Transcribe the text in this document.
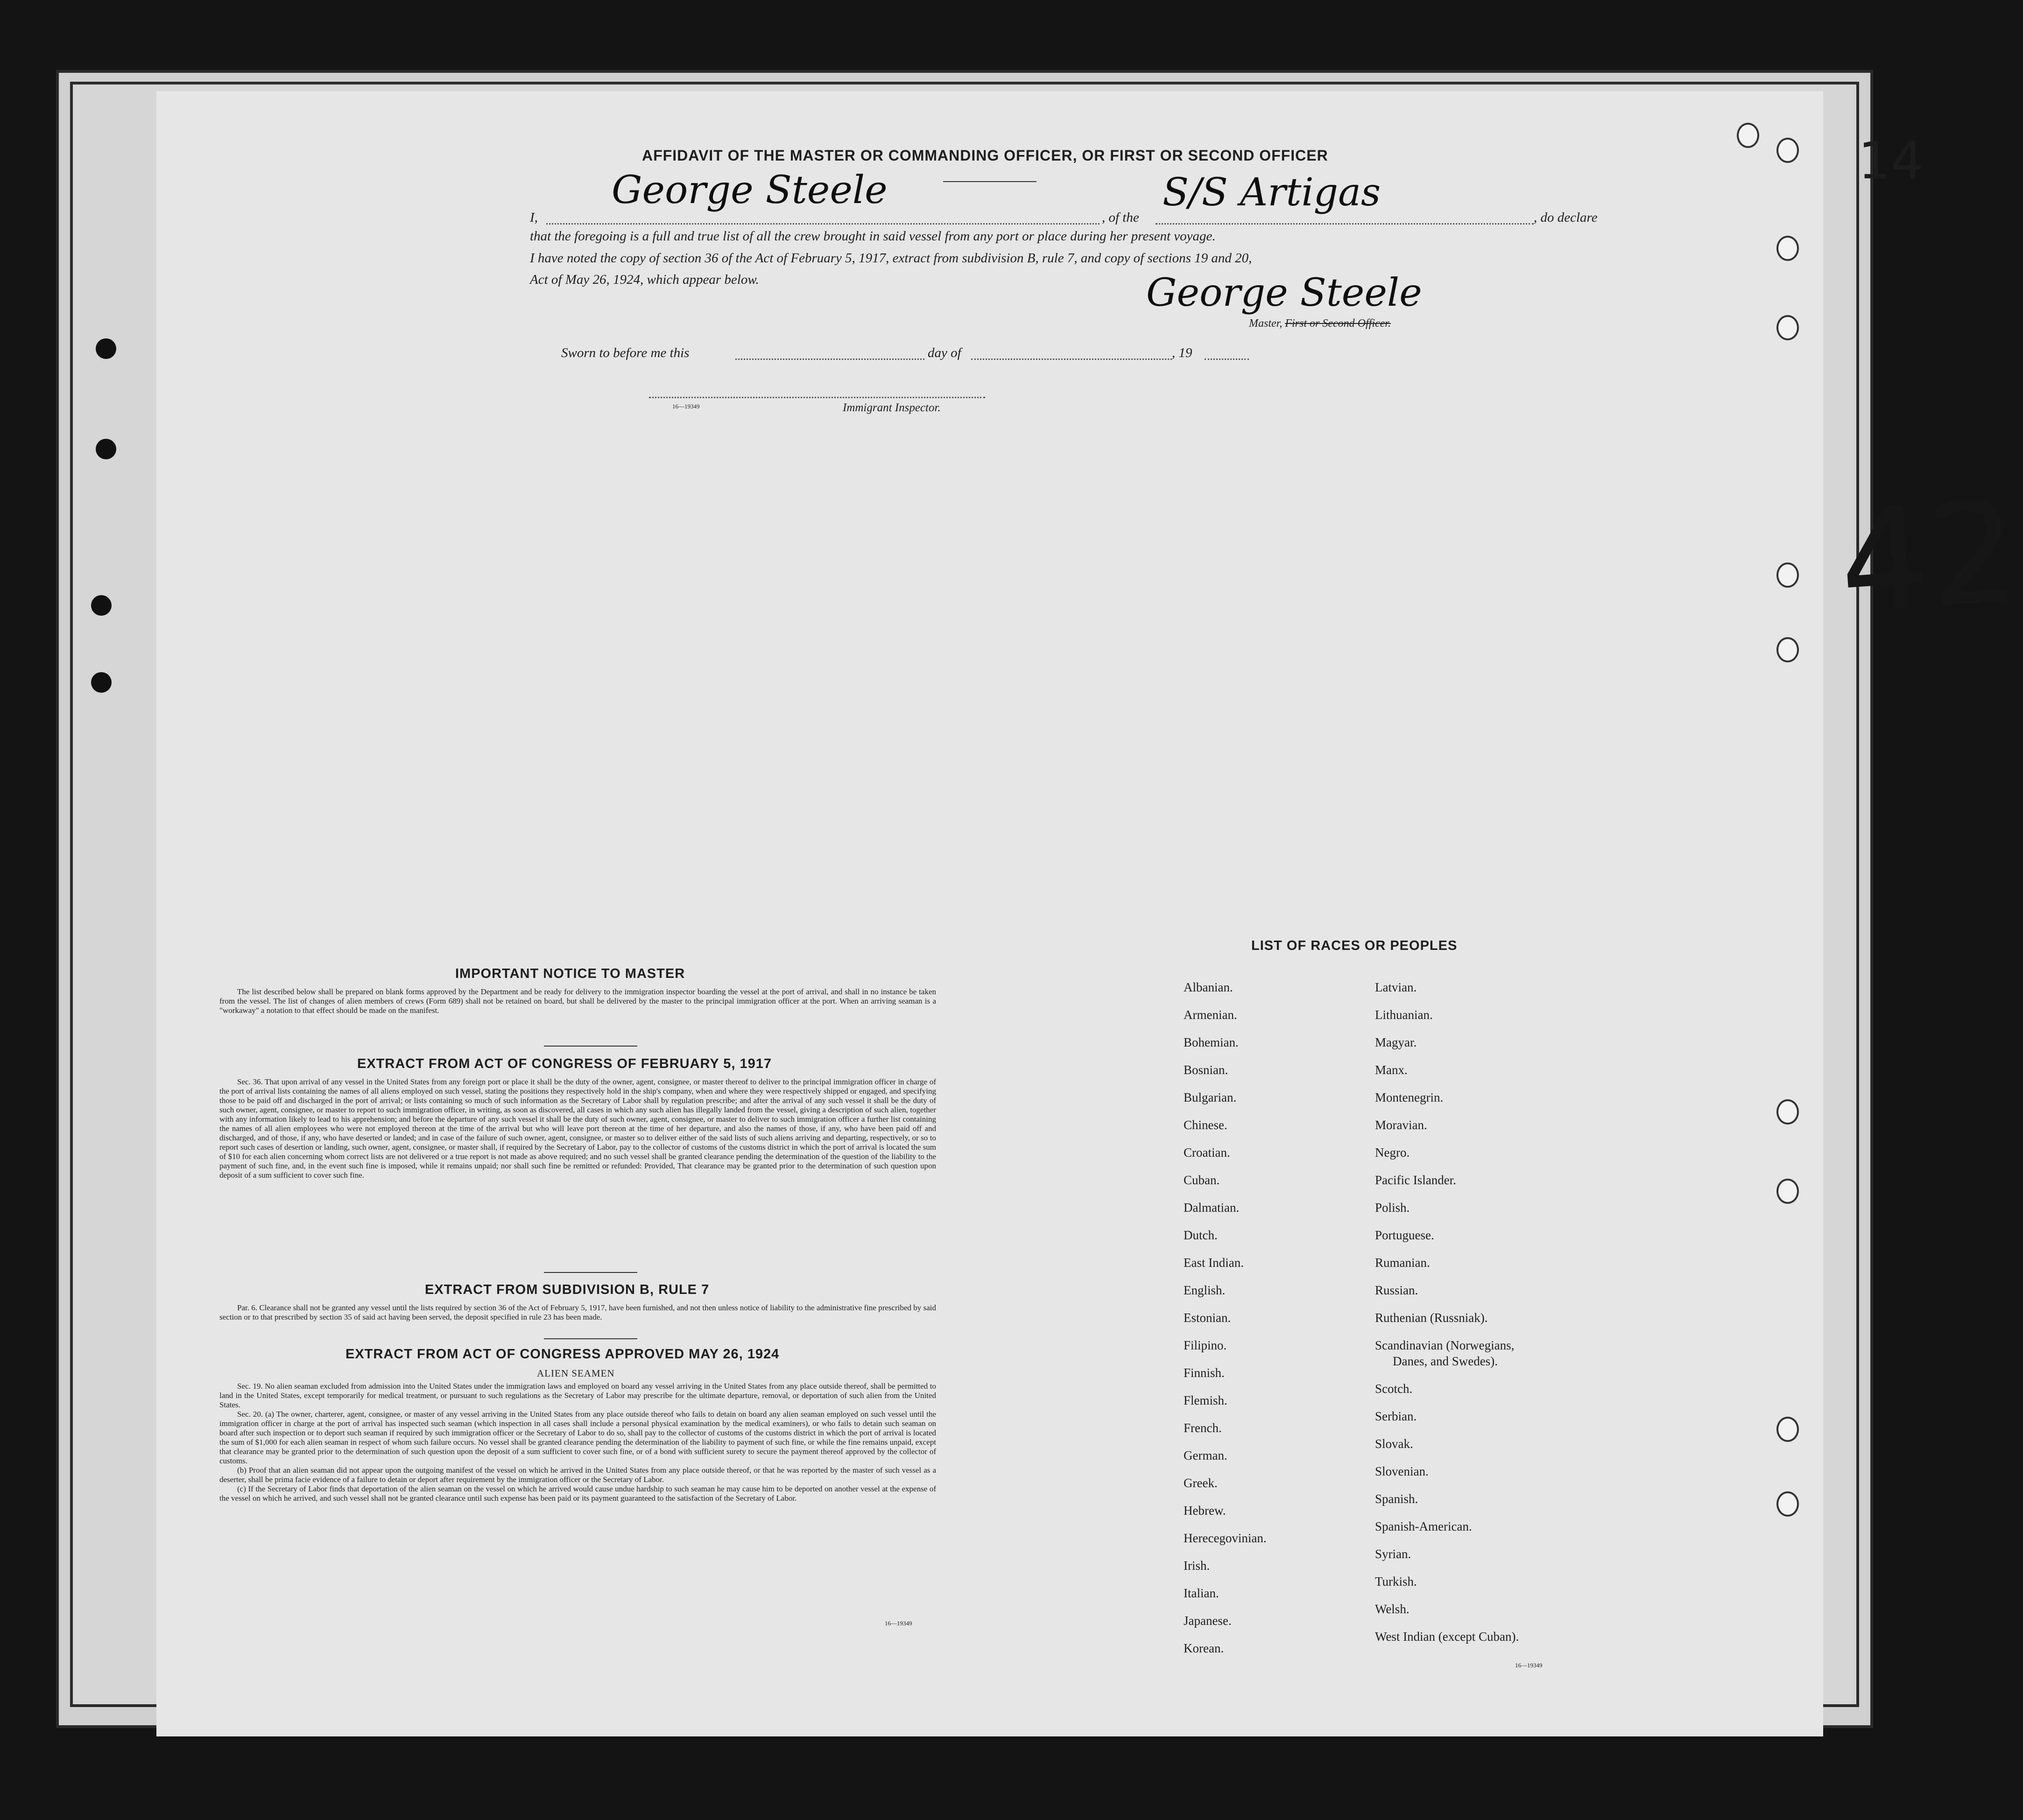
14
42
AFFIDAVIT OF THE MASTER OR COMMANDING OFFICER, OR FIRST OR SECOND OFFICER
I,
George Steele
, of the
S/S Artigas
, do declare
that the foregoing is a full and true list of all the crew brought in said vessel from any port or place during her present voyage.
I have noted the copy of section 36 of the Act of February 5, 1917, extract from subdivision B, rule 7, and copy of sections 19 and 20,
Act of May 26, 1924, which appear below.	George Steele
Master, First or Second Officer.
Sworn to before me this	day of	, 19
16—19349	Immigrant Inspector.
IMPORTANT NOTICE TO MASTER

The list described below shall be prepared on blank forms approved by the Department and be ready for delivery to the immigration inspector boarding the vessel at the port of arrival, and shall in no instance be taken from the vessel. The list of changes of alien members of crews (Form 689) shall not be retained on board, but shall be delivered by the master to the principal immigration officer at the port. When an arriving seaman is a "workaway" a notation to that effect should be made on the manifest.

EXTRACT FROM ACT OF CONGRESS OF FEBRUARY 5, 1917

Sec. 36. That upon arrival of any vessel in the United States from any foreign port or place it shall be the duty of the owner, agent, consignee, or master thereof to deliver to the principal immigration officer in charge of the port of arrival lists containing the names of all aliens employed on such vessel, stating the positions they respectively hold in the ship's company, when and where they were respectively shipped or engaged, and specifying those to be paid off and discharged in the port of arrival; or lists containing so much of such information as the Secretary of Labor shall by regulation prescribe; and after the arrival of any such vessel it shall be the duty of such owner, agent, consignee, or master to report to such immigration officer, in writing, as soon as discovered, all cases in which any such alien has illegally landed from the vessel, giving a description of such alien, together with any information likely to lead to his apprehension; and before the departure of any such vessel it shall be the duty of such owner, agent, consignee, or master to deliver to such immigration officer a further list containing the names of all alien employees who were not employed thereon at the time of the arrival but who will leave port thereon at the time of her departure, and also the names of those, if any, who have been paid off and discharged, and of those, if any, who have deserted or landed; and in case of the failure of such owner, agent, consignee, or master so to deliver either of the said lists of such aliens arriving and departing, respectively, or so to report such cases of desertion or landing, such owner, agent, consignee, or master shall, if required by the Secretary of Labor, pay to the collector of customs of the customs district in which the port of arrival is located the sum of $10 for each alien concerning whom correct lists are not delivered or a true report is not made as above required; and no such vessel shall be granted clearance pending the determination of the question of the liability to the payment of such fine, and, in the event such fine is imposed, while it remains unpaid; nor shall such fine be remitted or refunded: Provided, That clearance may be granted prior to the determination of such question upon deposit of a sum sufficient to cover such fine.

EXTRACT FROM SUBDIVISION B, RULE 7

Par. 6. Clearance shall not be granted any vessel until the lists required by section 36 of the Act of February 5, 1917, have been furnished, and not then unless notice of liability to the administrative fine prescribed by said section or to that prescribed by section 35 of said act having been served, the deposit specified in rule 23 has been made.

EXTRACT FROM ACT OF CONGRESS APPROVED MAY 26, 1924
ALIEN SEAMEN

Sec. 19. No alien seaman excluded from admission into the United States under the immigration laws and employed on board any vessel arriving in the United States from any place outside thereof, shall be permitted to land in the United States, except temporarily for medical treatment, or pursuant to such regulations as the Secretary of Labor may prescribe for the ultimate departure, removal, or deportation of such alien from the United States.

Sec. 20. (a) The owner, charterer, agent, consignee, or master of any vessel arriving in the United States from any place outside thereof who fails to detain on board any alien seaman employed on such vessel until the immigration officer in charge at the port of arrival has inspected such seaman (which inspection in all cases shall include a personal physical examination by the medical examiners), or who fails to detain such seaman on board after such inspection or to deport such seaman if required by such immigration officer or the Secretary of Labor to do so, shall pay to the collector of customs of the customs district in which the port of arrival is located the sum of $1,000 for each alien seaman in respect of whom such failure occurs. No vessel shall be granted clearance pending the determination of the liability to payment of such fine, or while the fine remains unpaid, except that clearance may be granted prior to the determination of such question upon the deposit of a sum sufficient to cover such fine, or of a bond with sufficient surety to secure the payment thereof approved by the collector of customs.

(b) Proof that an alien seaman did not appear upon the outgoing manifest of the vessel on which he arrived in the United States from any place outside thereof, or that he was reported by the master of such vessel as a deserter, shall be prima facie evidence of a failure to detain or deport after requirement by the immigration officer or the Secretary of Labor.

(c) If the Secretary of Labor finds that deportation of the alien seaman on the vessel on which he arrived would cause undue hardship to such seaman he may cause him to be deported on another vessel at the expense of the vessel on which he arrived, and such vessel shall not be granted clearance until such expense has been paid or its payment guaranteed to the satisfaction of the Secretary of Labor.

16—19349
LIST OF RACES OR PEOPLES
Albanian.
Armenian.
Bohemian.
Bosnian.
Bulgarian.
Chinese.
Croatian.
Cuban.
Dalmatian.
Dutch.
East Indian.
English.
Estonian.
Filipino.
Finnish.
Flemish.
French.
German.
Greek.
Hebrew.
Herecegovinian.
Irish.
Italian.
Japanese.
Korean.
Latvian.
Lithuanian.
Magyar.
Manx.
Montenegrin.
Moravian.
Negro.
Pacific Islander.
Polish.
Portuguese.
Rumanian.
Russian.
Ruthenian (Russniak).
Scandinavian (Norwegians,
Danes, and Swedes).
Scotch.
Serbian.
Slovak.
Slovenian.
Spanish.
Spanish-American.
Syrian.
Turkish.
Welsh.
West Indian (except Cuban).
16—19349
